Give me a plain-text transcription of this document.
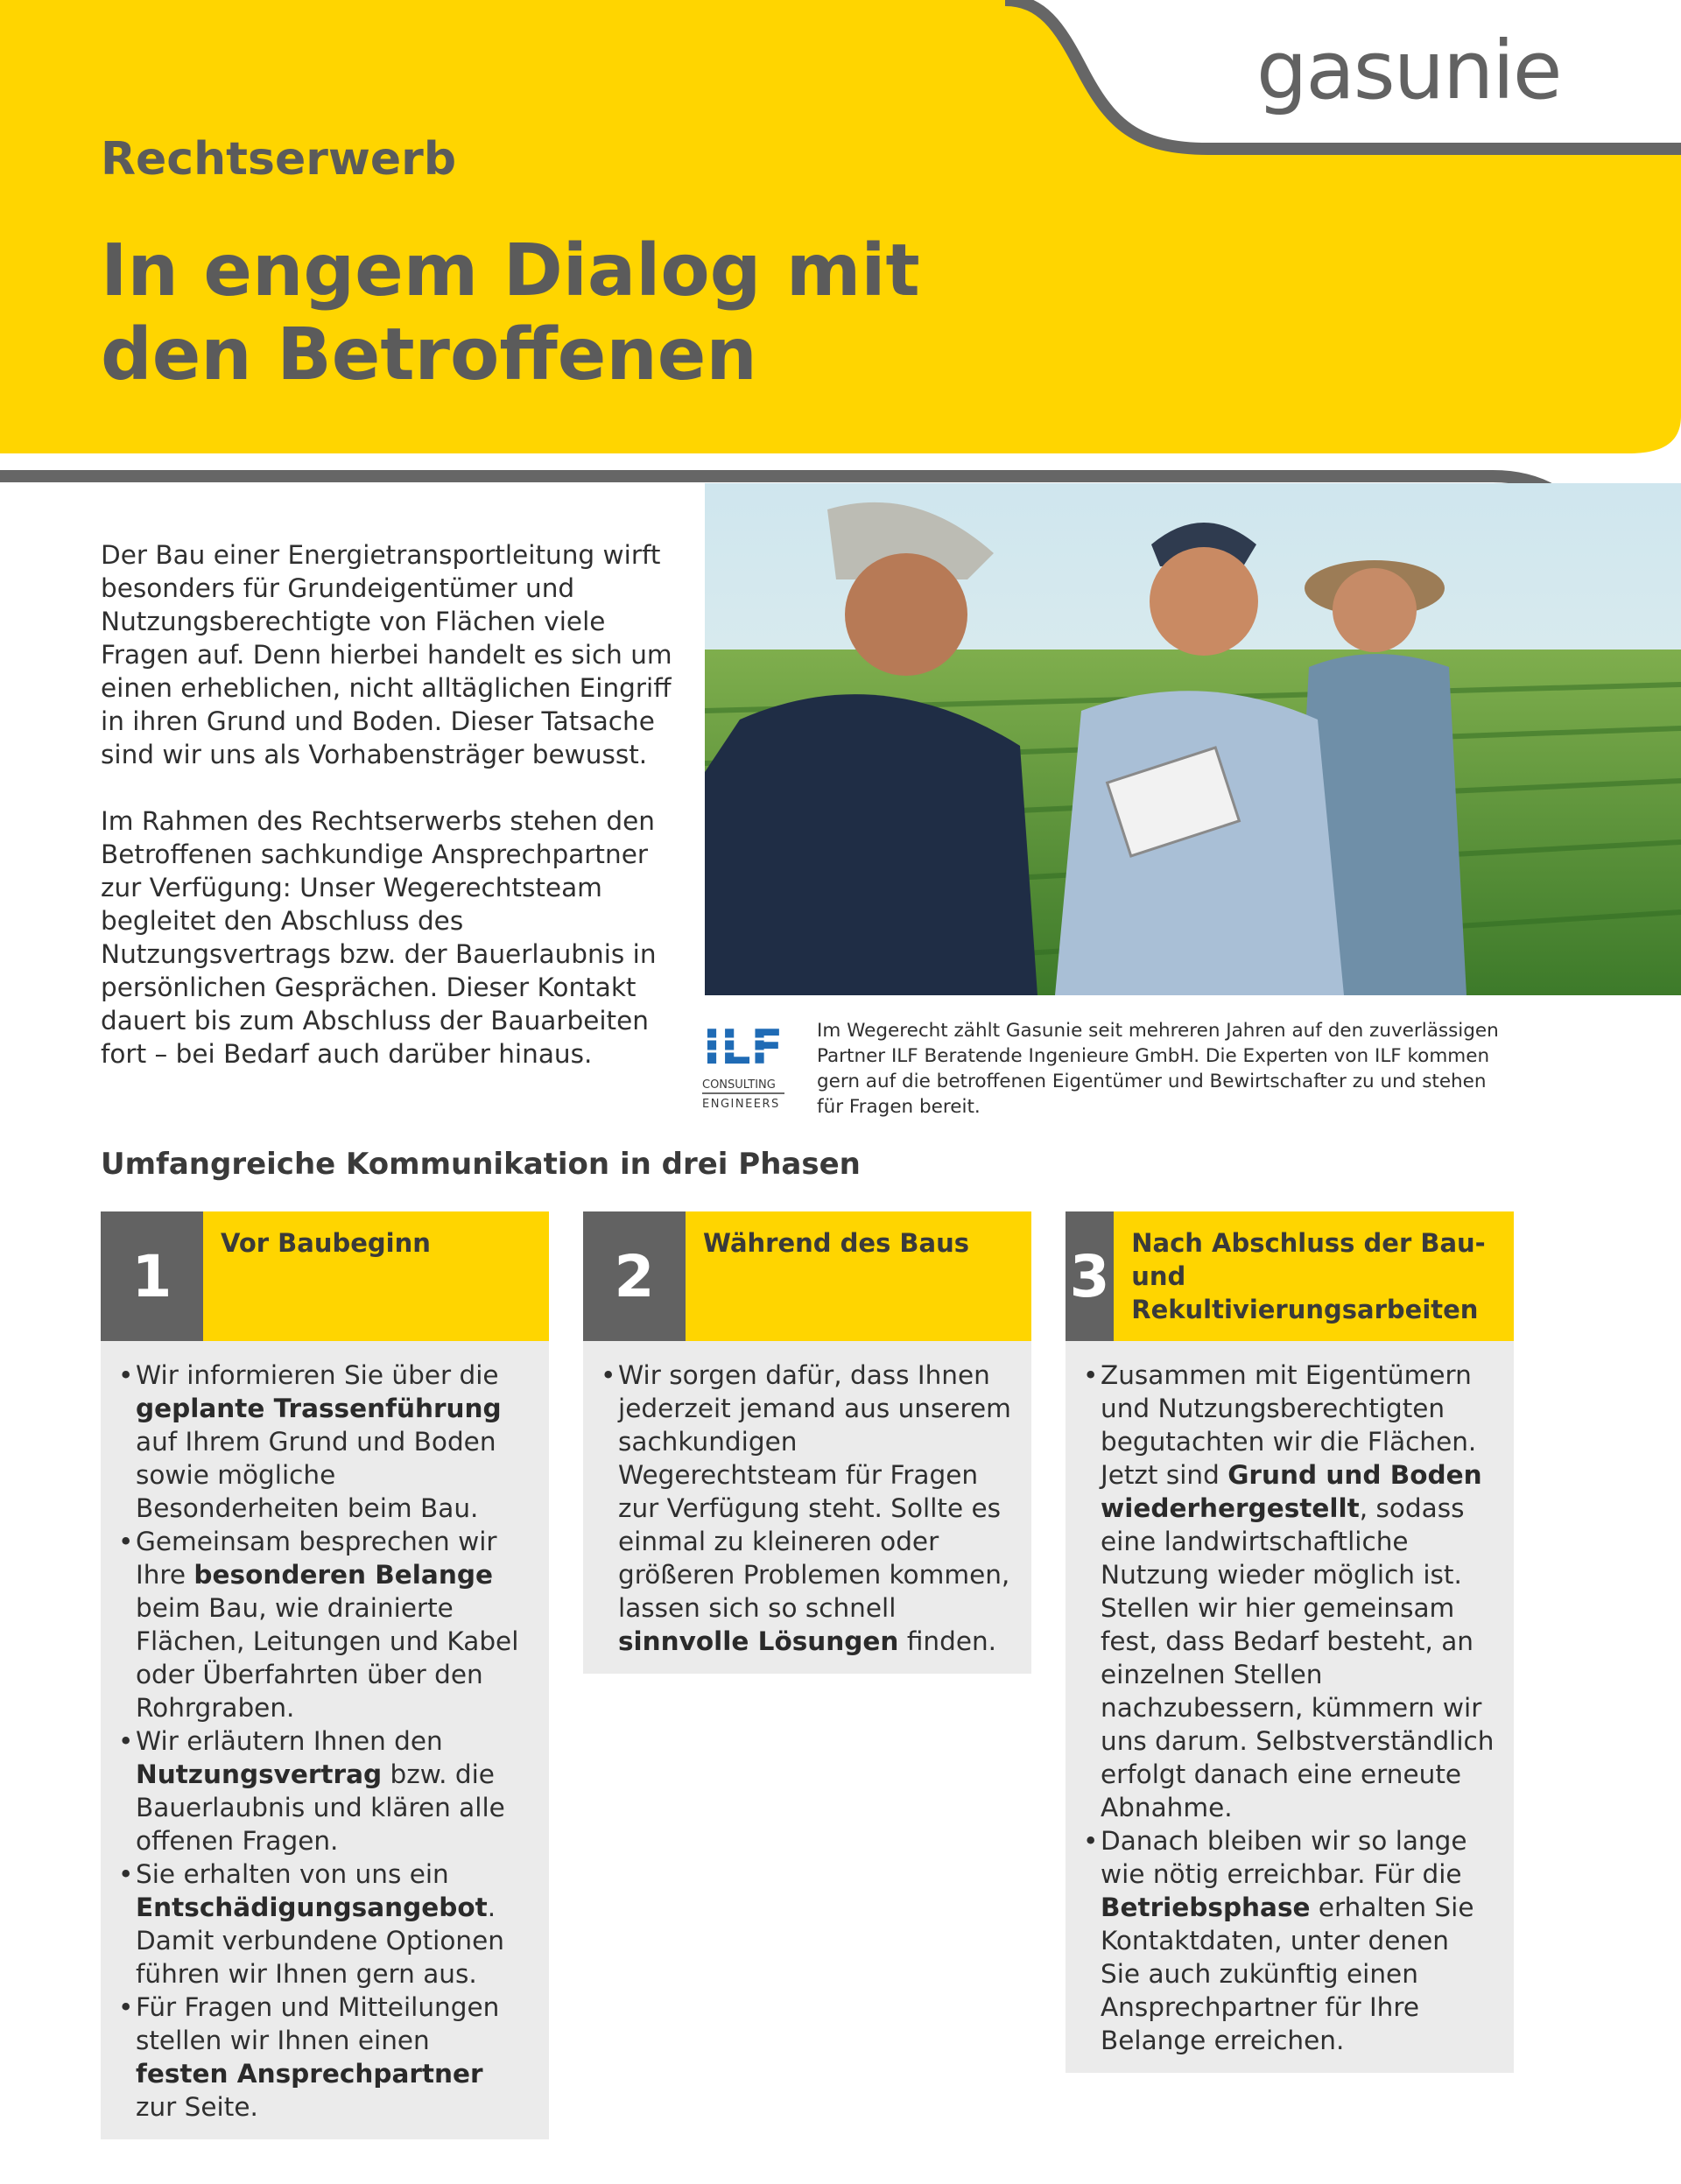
gasunie
Rechtserwerb
In engem Dialog mit
den Betroffenen

Der Bau einer Energietransportleitung wirft besonders für Grundeigentümer und Nutzungsberechtigte von Flächen viele Fragen auf. Denn hierbei handelt es sich um einen erheblichen, nicht alltäglichen Eingriff in ihren Grund und Boden. Dieser Tatsache sind wir uns als Vorhabensträger bewusst.

Im Rahmen des Rechtserwerbs stehen den Betroffenen sachkundige Ansprechpartner zur Verfügung: Unser Wegerechtsteam begleitet den Abschluss des Nutzungsvertrags bzw. der Bauerlaubnis in persönlichen Gesprächen. Dieser Kontakt dauert bis zum Abschluss der Bauarbeiten fort – bei Bedarf auch darüber hinaus.	ILF
CONSULTING
ENGINEERS
Im Wegerecht zählt Gasunie seit mehreren Jahren auf den zuverlässigen Partner ILF Beratende Ingenieure GmbH. Die Experten von ILF kommen gern auf die betroffenen Eigentümer und Bewirtschafter zu und stehen für Fragen bereit.
Umfangreiche Kommunikation in drei Phasen
1	Vor Baubeginn
• Wir informieren Sie über die geplante Trassenführung auf Ihrem Grund und Boden sowie mögliche Besonderheiten beim Bau.
• Gemeinsam besprechen wir Ihre besonderen Belange beim Bau, wie drainierte Flächen, Leitungen und Kabel oder Überfahrten über den Rohrgraben.
• Wir erläutern Ihnen den Nutzungsvertrag bzw. die Bauerlaubnis und klären alle offenen Fragen.
• Sie erhalten von uns ein Entschädigungsangebot. Damit verbundene Optionen führen wir Ihnen gern aus.
• Für Fragen und Mitteilungen stellen wir Ihnen einen festen Ansprechpartner zur Seite.
2	Während des Baus
• Wir sorgen dafür, dass Ihnen jederzeit jemand aus unserem sachkundigen Wegerechtsteam für Fragen zur Verfügung steht. Sollte es einmal zu kleineren oder größeren Problemen kommen, lassen sich so schnell sinnvolle Lösungen finden.
3 Nach Abschluss der Bau- und Rekultivierungsarbeiten
• Zusammen mit Eigentümern und Nutzungsberechtigten begutachten wir die Flächen. Jetzt sind Grund und Boden wiederhergestellt, sodass eine landwirtschaftliche Nutzung wieder möglich ist. Stellen wir hier gemeinsam fest, dass Bedarf besteht, an einzelnen Stellen nachzubessern, kümmern wir uns darum. Selbstverständlich erfolgt danach eine erneute Abnahme.
• Danach bleiben wir so lange wie nötig erreichbar. Für die Betriebsphase erhalten Sie Kontaktdaten, unter denen Sie auch zukünftig einen Ansprechpartner für Ihre Belange erreichen.
